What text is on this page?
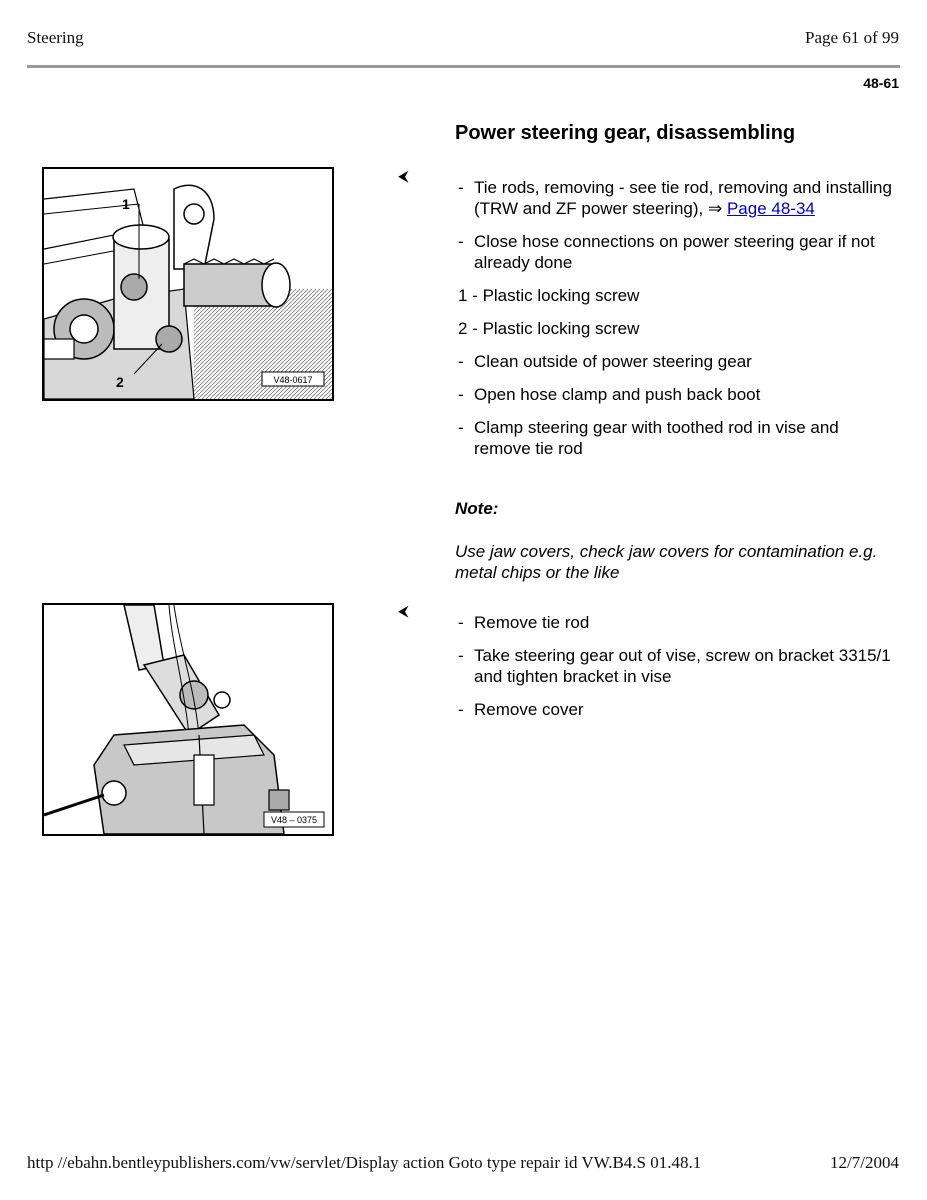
Steering	Page 61 of 99
48-61
Power steering gear, disassembling
1
2	V48-0617
⮜
- Tie rods, removing - see tie rod, removing and installing (TRW and ZF power steering), ⇒ Page 48-34
- Close hose connections on power steering gear if not already done
1 - Plastic locking screw
2 - Plastic locking screw
- Clean outside of power steering gear
- Open hose clamp and push back boot
- Clamp steering gear with toothed rod in vise and remove tie rod
Note:
Use jaw covers, check jaw covers for contamination e.g. metal chips or the like
V48 – 0375
⮜
- Remove tie rod
- Take steering gear out of vise, screw on bracket 3315/1 and tighten bracket in vise
- Remove cover
http //ebahn.bentleypublishers.com/vw/servlet/Display action Goto type repair id VW.B4.S 01.48.1	12/7/2004
